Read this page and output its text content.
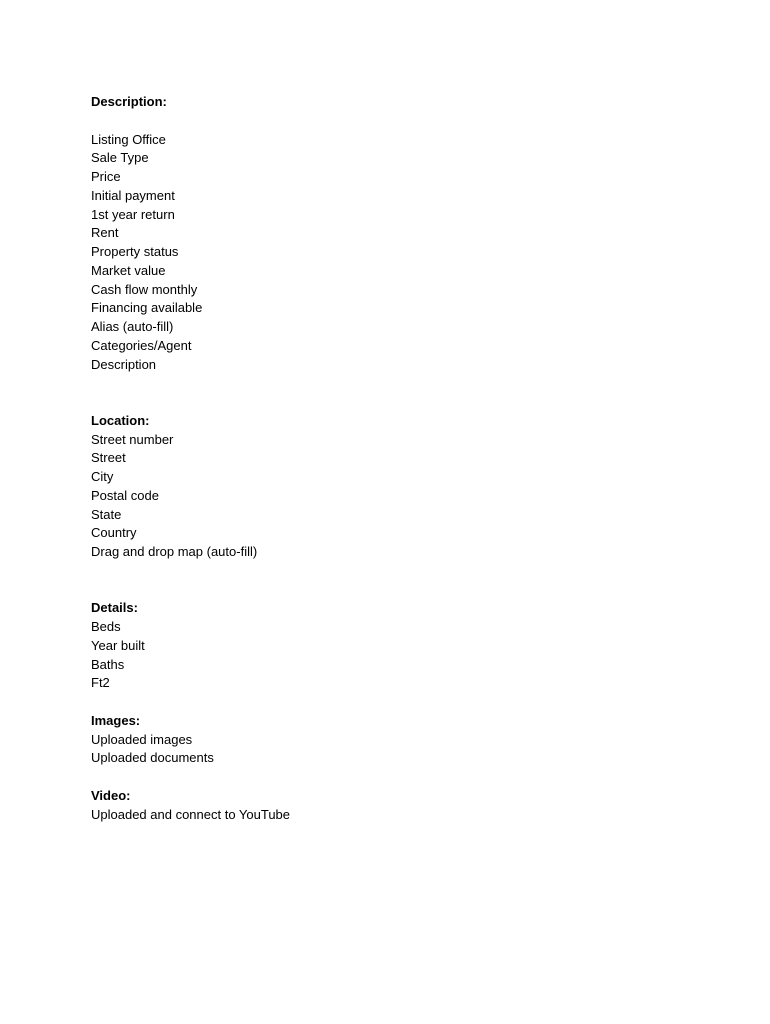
Description:
Listing Office
Sale Type
Price
Initial payment
1st year return
Rent
Property status
Market value
Cash flow monthly
Financing available
Alias (auto-fill)
Categories/Agent
Description
Location:
Street number
Street
City
Postal code
State
Country
Drag and drop map (auto-fill)
Details:
Beds
Year built
Baths
Ft2
Images:
Uploaded images
Uploaded documents
Video:
Uploaded and connect to YouTube
